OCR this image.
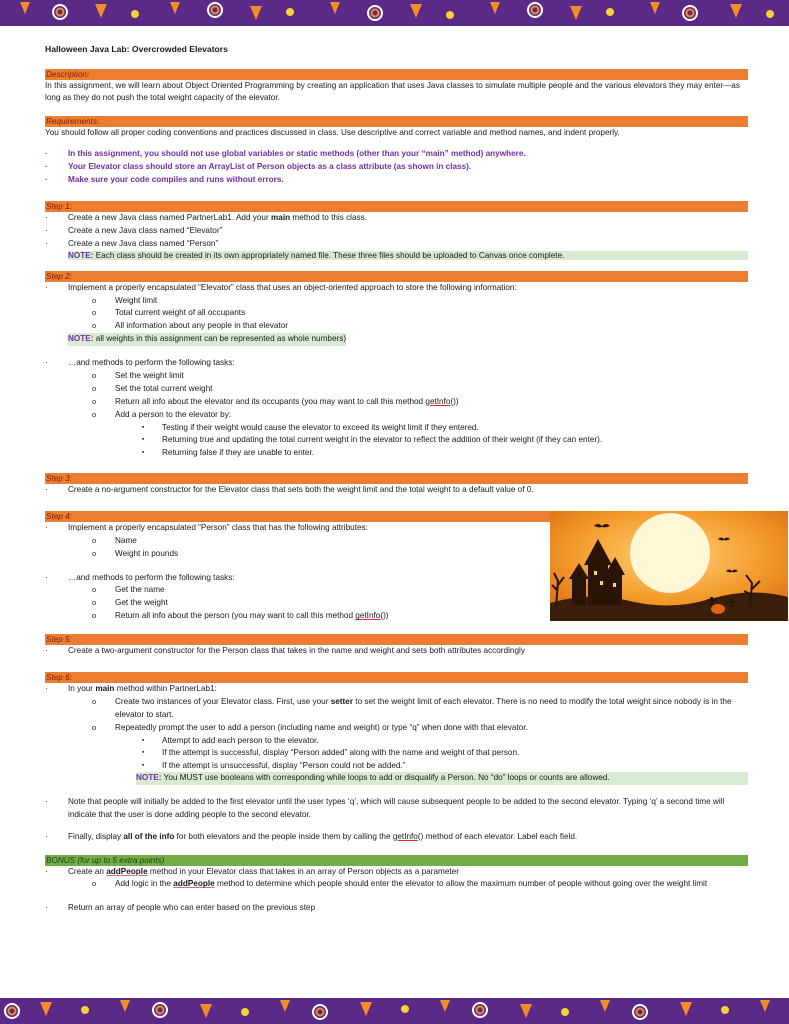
Halloween Java Lab: Overcrowded Elevators
Description:

In this assignment, we will learn about Object Oriented Programming by creating an application that uses Java classes to simulate multiple people and the various elevators they may enter—as long as they do not push the total weight capacity of the elevator.

Requirements:

You should follow all proper coding conventions and practices discussed in class. Use descriptive and correct variable and method names, and indent properly.

· In this assignment, you should not use global variables or static methods (other than your “main” method) anywhere.
· Your Elevator class should store an ArrayList of Person objects as a class attribute (as shown in class).
· Make sure your code compiles and runs without errors.
Step 1:
· Create a new Java class named PartnerLab1. Add your main method to this class.
· Create a new Java class named “Elevator”
· Create a new Java class named “Person”
NOTE: Each class should be created in its own appropriately named file. These three files should be uploaded to Canvas once complete.
Step 2:
· Implement a properly encapsulated “Elevator” class that uses an object-oriented approach to store the following information:
o Weight limit
o Total current weight of all occupants
o All information about any people in that elevator
NOTE: all weights in this assignment can be represented as whole numbers)
· …and methods to perform the following tasks:
o Set the weight limit
o Set the total current weight
o Return all info about the elevator and its occupants (you may want to call this method getInfo())
o Add a person to the elevator by:
▪ Testing if their weight would cause the elevator to exceed its weight limit if they entered.
▪ Returning true and updating the total current weight in the elevator to reflect the addition of their weight (if they can enter).
▪ Returning false if they are unable to enter.
Step 3:
· Create a no-argument constructor for the Elevator class that sets both the weight limit and the total weight to a default value of 0.
Step 4:
· Implement a properly encapsulated “Person” class that has the following attributes:
o Name
o Weight in pounds
· …and methods to perform the following tasks:
o Get the name
o Get the weight
o Return all info about the person (you may want to call this method getInfo())
Step 5:
· Create a two-argument constructor for the Person class that takes in the name and weight and sets both attributes accordingly
Step 6:
· In your main method within PartnerLab1:
o Create two instances of your Elevator class. First, use your setter to set the weight limit of each elevator. There is no need to modify the total weight since nobody is in the elevator to start.
o Repeatedly prompt the user to add a person (including name and weight) or type “q” when done with that elevator.
▪ Attempt to add each person to the elevator.
▪ If the attempt is successful, display “Person added” along with the name and weight of that person.
▪ If the attempt is unsuccessful, display “Person could not be added.”
NOTE: You MUST use booleans with corresponding while loops to add or disqualify a Person. No “do” loops or counts are allowed.
· Note that people will initially be added to the first elevator until the user types ‘q’, which will cause subsequent people to be added to the second elevator. Typing ‘q’ a second time will indicate that the user is done adding people to the second elevator.
· Finally, display all of the info for both elevators and the people inside them by calling the getInfo() method of each elevator. Label each field.
BONUS (for up to 5 extra points)
· Create an addPeople method in your Elevator class that takes in an array of Person objects as a parameter
o Add logic in the addPeople method to determine which people should enter the elevator to allow the maximum number of people without going over the weight limit
· Return an array of people who can enter based on the previous step
